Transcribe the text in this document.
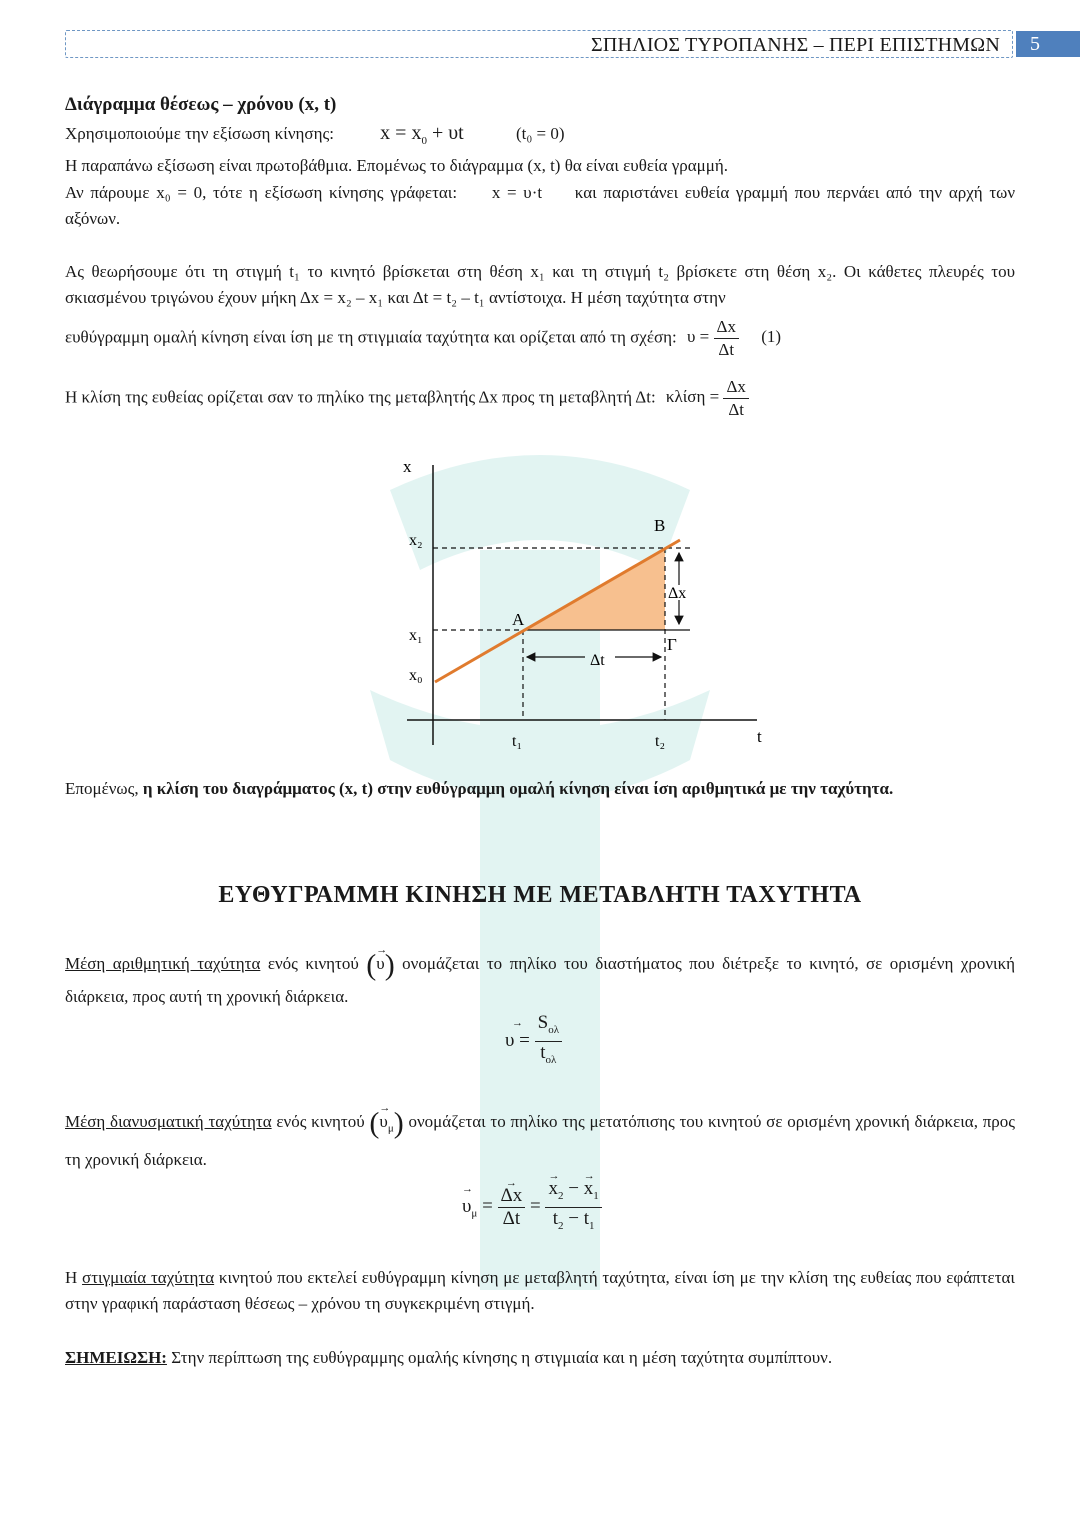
ΣΠΗΛΙΟΣ ΤΥΡΟΠΑΝΗΣ – ΠΕΡΙ ΕΠΙΣΤΗΜΩΝ	5
Διάγραμμα θέσεως – χρόνου (x, t)
Χρησιμοποιούμε την εξίσωση κίνησης: $x = x_0 + \upsilon t$	(t₀ = 0)
Η παραπάνω εξίσωση είναι πρωτοβάθμια. Επομένως το διάγραμμα (x, t) θα είναι ευθεία γραμμή.
Αν πάρουμε x₀ = 0, τότε η εξίσωση κίνησης γράφεται: x = υ·t και παριστάνει ευθεία γραμμή που περνάει από την αρχή των αξόνων.
Ας θεωρήσουμε ότι τη στιγμή t₁ το κινητό βρίσκεται στη θέση x₁ και τη στιγμή t₂ βρίσκετε στη θέση x₂. Οι κάθετες πλευρές του σκιασμένου τριγώνου έχουν μήκη Δx = x₂ – x₁ και Δt = t₂ – t₁ αντίστοιχα. Η μέση ταχύτητα στην
ευθύγραμμη ομαλή κίνηση είναι ίση με τη στιγμιαία ταχύτητα και ορίζεται από τη σχέση: $\upsilon = \frac{\Delta x}{\Delta t} (1)$
Η κλίση της ευθείας ορίζεται σαν το πηλίκο της μεταβλητής Δx προς τη μεταβλητή Δt: $\kappa\lambda ί\sigma\eta = \frac{\Delta x}{\Delta t}$
x
t
x₂
x₁
x₀
t₁	t₂
A
B
Γ
Δx
Δt
Επομένως, η κλίση του διαγράμματος (x, t) στην ευθύγραμμη ομαλή κίνηση είναι ίση αριθμητικά με την ταχύτητα.
ΕΥΘΥΓΡΑΜΜΗ ΚΙΝΗΣΗ ΜΕ ΜΕΤΑΒΛΗΤΗ ΤΑΧΥΤΗΤΑ
Μέση αριθμητική ταχύτητα ενός κινητού (→ υ) ονομάζεται το πηλίκο του διαστήματος που διέτρεξε το κινητό, σε ορισμένη χρονική διάρκεια, προς αυτή τη χρονική διάρκεια.
→ $\upsilon = \frac{S_{o\lambda}}{t_{o\lambda}}$
Μέση διανυσματική ταχύτητα ενός κινητού (→ $\upsilon_\mu$) ονομάζεται το πηλίκο της μετατόπισης του κινητού σε ορισμένη χρονική διάρκεια, προς τη χρονική διάρκεια.
→ $\upsilon_\mu$ = → $\frac{\Delta x}{\Delta t}$ = → $\frac{x_2 - \to x_1}{t_2 - t_1}$
Η στιγμιαία ταχύτητα κινητού που εκτελεί ευθύγραμμη κίνηση με μεταβλητή ταχύτητα, είναι ίση με την κλίση της ευθείας που εφάπτεται στην γραφική παράσταση θέσεως – χρόνου τη συγκεκριμένη στιγμή.
ΣΗΜΕΙΩΣΗ: Στην περίπτωση της ευθύγραμμης ομαλής κίνησης η στιγμιαία και η μέση ταχύτητα συμπίπτουν.
